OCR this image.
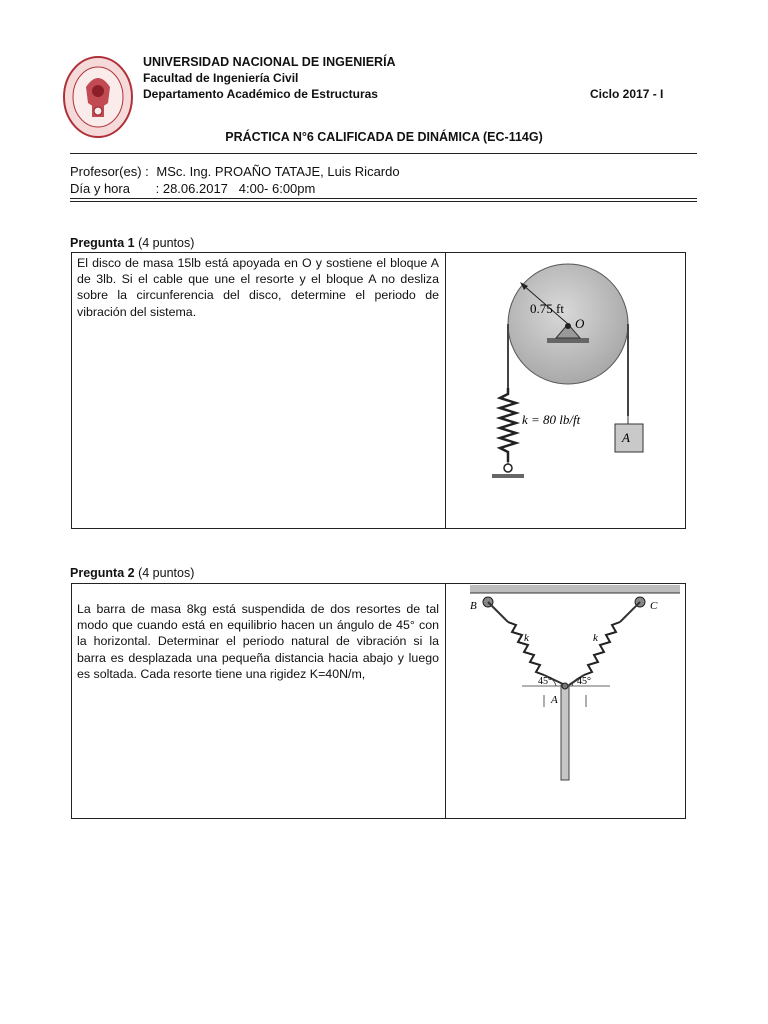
UNIVERSIDAD NACIONAL DE INGENIERÍA
Facultad de Ingeniería Civil
Departamento Académico de Estructuras	Ciclo 2017 - I
PRÁCTICA N°6 CALIFICADA DE DINÁMICA (EC-114G)
Profesor(es) : MSc. Ing. PROAÑO TATAJE, Luis Ricardo
Día y hora : 28.06.2017   4:00- 6:00pm
Pregunta 1 (4 puntos)
El disco de masa 15lb está apoyada en O y sostiene el bloque A de 3lb. Si el cable que une el resorte y el bloque A no desliza sobre la circunferencia del disco, determine el periodo de vibración del sistema.	0.75 ft
O
k = 80 lb/ft
A
Pregunta 2 (4 puntos)
La barra de masa 8kg está suspendida de dos resortes de tal modo que cuando está en equilibrio hacen un ángulo de 45° con la horizontal. Determinar el periodo natural de vibración si la barra es desplazada una pequeña distancia hacia abajo y luego es soltada. Cada resorte tiene una rigidez K=40N/m,
B	C
k	k
45°	45°
A
